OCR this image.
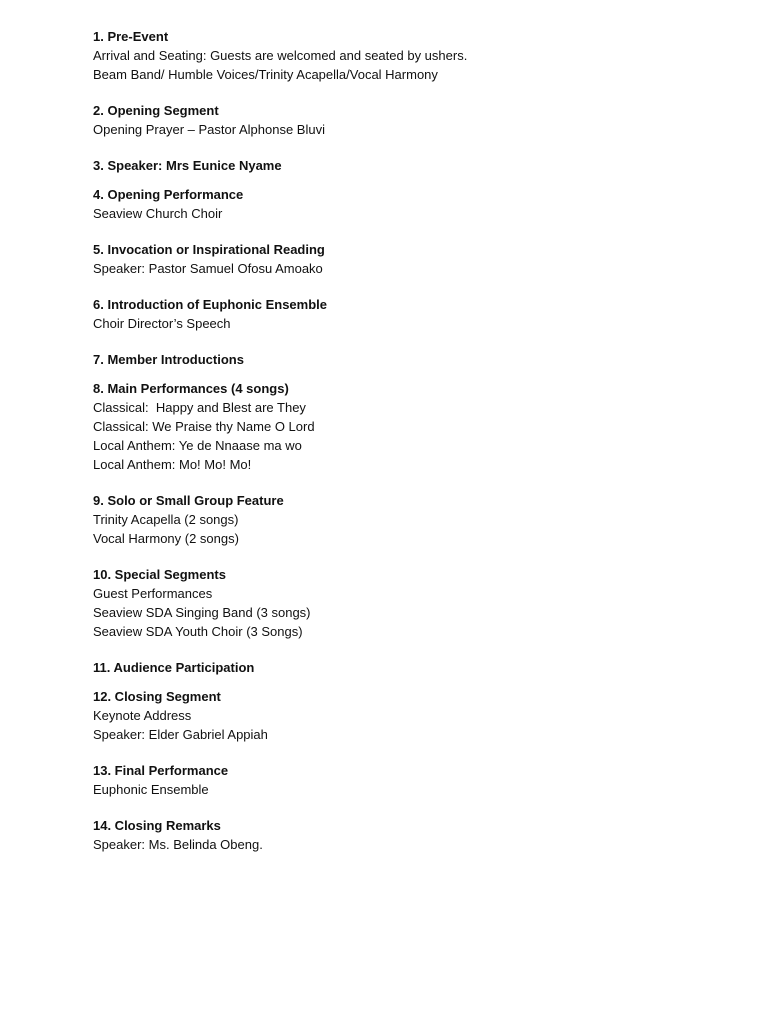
1. Pre-Event
Arrival and Seating: Guests are welcomed and seated by ushers.
Beam Band/ Humble Voices/Trinity Acapella/Vocal Harmony
2. Opening Segment
Opening Prayer – Pastor Alphonse Bluvi
3. Speaker: Mrs Eunice Nyame
4. Opening Performance
Seaview Church Choir
5. Invocation or Inspirational Reading
Speaker: Pastor Samuel Ofosu Amoako
6. Introduction of Euphonic Ensemble
Choir Director’s Speech
7. Member Introductions
8. Main Performances (4 songs)
Classical:  Happy and Blest are They
Classical: We Praise thy Name O Lord
Local Anthem: Ye de Nnaase ma wo
Local Anthem: Mo! Mo! Mo!
9. Solo or Small Group Feature
Trinity Acapella (2 songs)
Vocal Harmony (2 songs)
10. Special Segments
Guest Performances
Seaview SDA Singing Band (3 songs)
Seaview SDA Youth Choir (3 Songs)
11. Audience Participation
12. Closing Segment
Keynote Address
Speaker: Elder Gabriel Appiah
13. Final Performance
Euphonic Ensemble
14. Closing Remarks
Speaker: Ms. Belinda Obeng.
